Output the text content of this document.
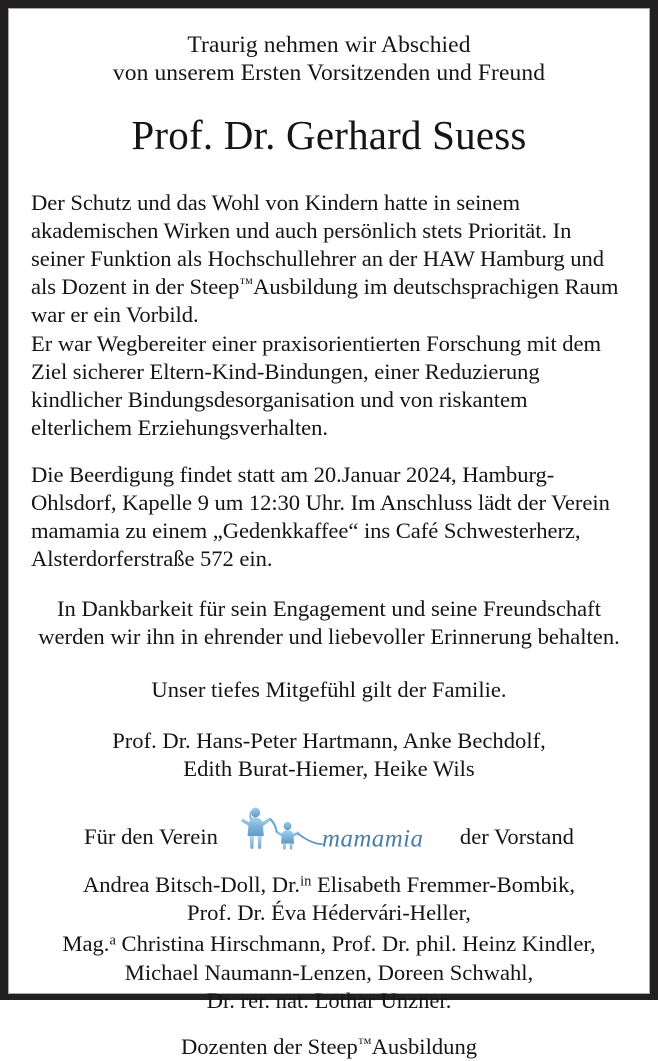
Traurig nehmen wir Abschied
von unserem Ersten Vorsitzenden und Freund
Prof. Dr. Gerhard Suess
Der Schutz und das Wohl von Kindern hatte in seinem akademischen Wirken und auch persönlich stets Priorität. In seiner Funktion als Hochschullehrer an der HAW Hamburg und als Dozent in der Steep™Ausbildung im deutschsprachigen Raum war er ein Vorbild.
Er war Wegbereiter einer praxisorientierten Forschung mit dem Ziel sicherer Eltern-Kind-Bindungen, einer Reduzierung kindlicher Bindungsdesorganisation und von riskantem elterlichem Erziehungsverhalten.
Die Beerdigung findet statt am 20.Januar 2024, Hamburg-Ohlsdorf, Kapelle 9 um 12:30 Uhr. Im Anschluss lädt der Verein mamamia zu einem „Gedenkkaffee“ ins Café Schwesterherz, Alsterdorferstraße 572 ein.
In Dankbarkeit für sein Engagement und seine Freundschaft werden wir ihn in ehrender und liebevoller Erinnerung behalten.
Unser tiefes Mitgefühl gilt der Familie.
Prof. Dr. Hans-Peter Hartmann, Anke Bechdolf,
Edith Burat-Hiemer, Heike Wils
Für den Verein	mamamia der Vorstand
Andrea Bitsch-Doll, Dr.$^{in}$ Elisabeth Fremmer-Bombik,
Prof. Dr. Éva Hédervári-Heller,
Mag.$^a$ Christina Hirschmann, Prof. Dr. phil. Heinz Kindler,
Michael Naumann-Lenzen, Doreen Schwahl,
Dr. rer. nat. Lothar Unzner.
Dozenten der Steep™Ausbildung
